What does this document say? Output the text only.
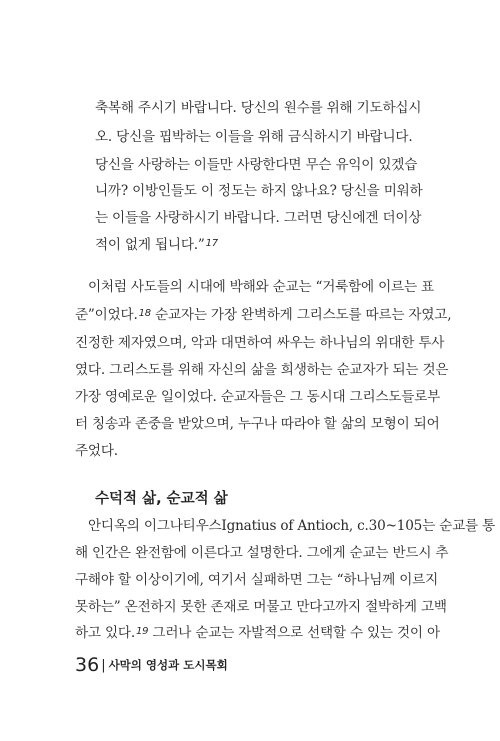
축복해 주시기 바랍니다. 당신의 원수를 위해 기도하십시
오. 당신을 핍박하는 이들을 위해 금식하시기 바랍니다.
당신을 사랑하는 이들만 사랑한다면 무슨 유익이 있겠습
니까? 이방인들도 이 정도는 하지 않나요? 당신을 미워하
는 이들을 사랑하시기 바랍니다. 그러면 당신에겐 더이상
적이 없게 됩니다.”$^{17}$
이처럼 사도들의 시대에 박해와 순교는 “거룩함에 이르는 표
준”이었다.$^{18}$ 순교자는 가장 완벽하게 그리스도를 따르는 자였고,
진정한 제자였으며, 악과 대면하여 싸우는 하나님의 위대한 투사
였다. 그리스도를 위해 자신의 삶을 희생하는 순교자가 되는 것은
가장 영예로운 일이었다. 순교자들은 그 동시대 그리스도들로부
터 칭송과 존중을 받았으며, 누구나 따라야 할 삶의 모형이 되어
주었다.
수덕적 삶, 순교적 삶
안디옥의 이그나티우스Ignatius of Antioch, c.30~105는 순교를 통
해 인간은 완전함에 이른다고 설명한다. 그에게 순교는 반드시 추
구해야 할 이상이기에, 여기서 실패하면 그는 “하나님께 이르지
못하는” 온전하지 못한 존재로 머물고 만다고까지 절박하게 고백
하고 있다.$^{19}$ 그러나 순교는 자발적으로 선택할 수 있는 것이 아
36 | 사막의 영성과 도시목회
